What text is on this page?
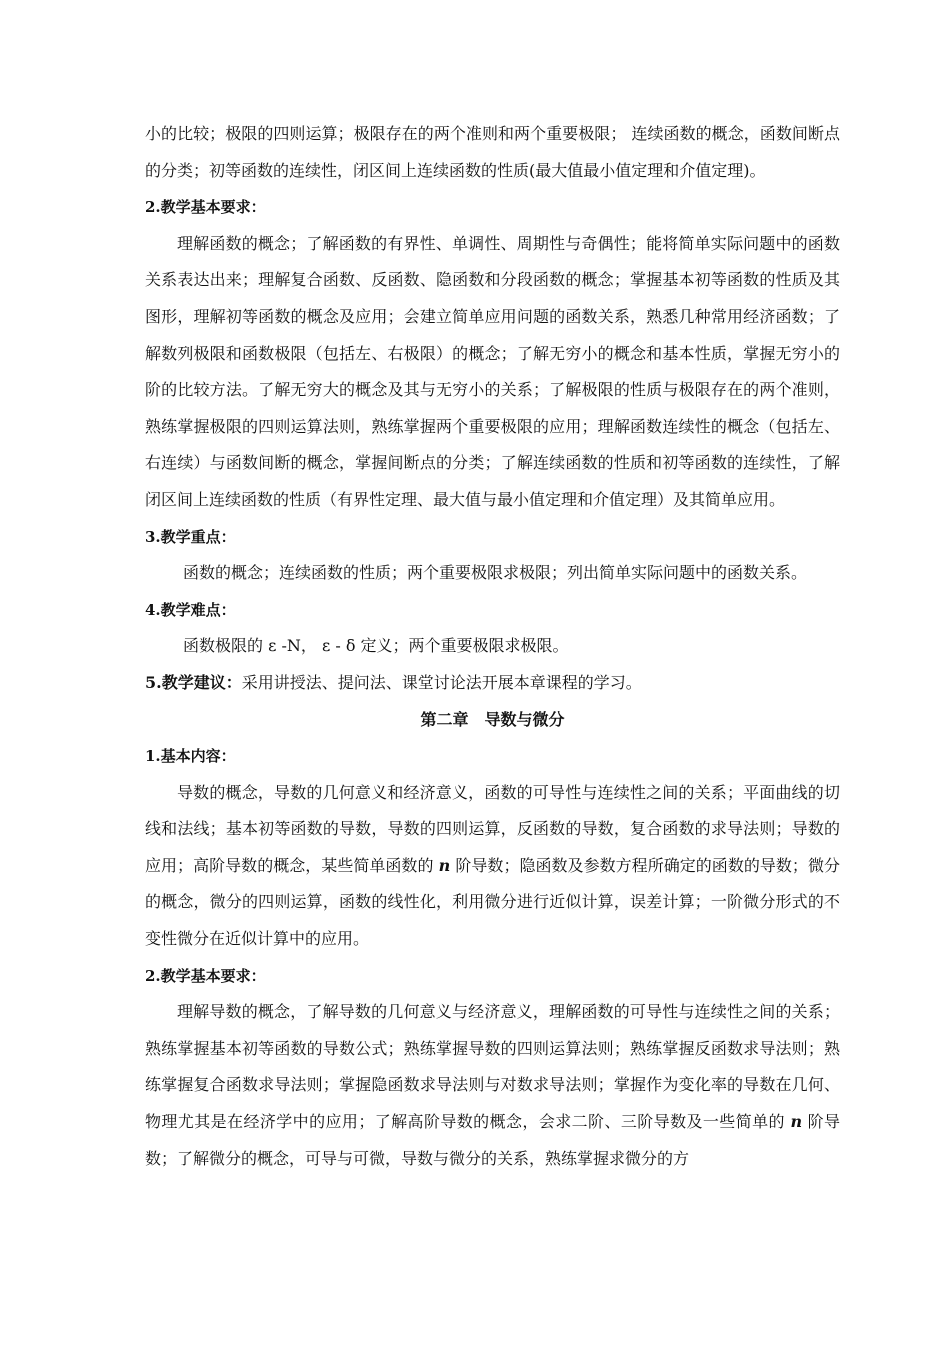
小的比较；极限的四则运算；极限存在的两个准则和两个重要极限； 连续函数的概念，函数间断点的分类；初等函数的连续性，闭区间上连续函数的性质(最大值最小值定理和介值定理)。

2.教学基本要求：

理解函数的概念；了解函数的有界性、单调性、周期性与奇偶性；能将简单实际问题中的函数关系表达出来；理解复合函数、反函数、隐函数和分段函数的概念；掌握基本初等函数的性质及其图形，理解初等函数的概念及应用；会建立简单应用问题的函数关系，熟悉几种常用经济函数；了解数列极限和函数极限（包括左、右极限）的概念；了解无穷小的概念和基本性质，掌握无穷小的阶的比较方法。了解无穷大的概念及其与无穷小的关系；了解极限的性质与极限存在的两个准则，熟练掌握极限的四则运算法则，熟练掌握两个重要极限的应用；理解函数连续性的概念（包括左、右连续）与函数间断的概念，掌握间断点的分类；了解连续函数的性质和初等函数的连续性，了解闭区间上连续函数的性质（有界性定理、最大值与最小值定理和介值定理）及其简单应用。

3.教学重点：

函数的概念；连续函数的性质；两个重要极限求极限；列出简单实际问题中的函数关系。

4.教学难点：

函数极限的 ε -N， ε - δ 定义；两个重要极限求极限。

5.教学建议：采用讲授法、提问法、课堂讨论法开展本章课程的学习。

第二章　导数与微分

1.基本内容：

导数的概念，导数的几何意义和经济意义，函数的可导性与连续性之间的关系；平面曲线的切线和法线；基本初等函数的导数，导数的四则运算，反函数的导数，复合函数的求导法则；导数的应用；高阶导数的概念，某些简单函数的 n 阶导数；隐函数及参数方程所确定的函数的导数；微分的概念，微分的四则运算，函数的线性化，利用微分进行近似计算，误差计算；一阶微分形式的不变性微分在近似计算中的应用。

2.教学基本要求：

理解导数的概念，了解导数的几何意义与经济意义，理解函数的可导性与连续性之间的关系；熟练掌握基本初等函数的导数公式；熟练掌握导数的四则运算法则；熟练掌握反函数求导法则；熟练掌握复合函数求导法则；掌握隐函数求导法则与对数求导法则；掌握作为变化率的导数在几何、物理尤其是在经济学中的应用；了解高阶导数的概念，会求二阶、三阶导数及一些简单的 n 阶导数；了解微分的概念，可导与可微，导数与微分的关系，熟练掌握求微分的方
